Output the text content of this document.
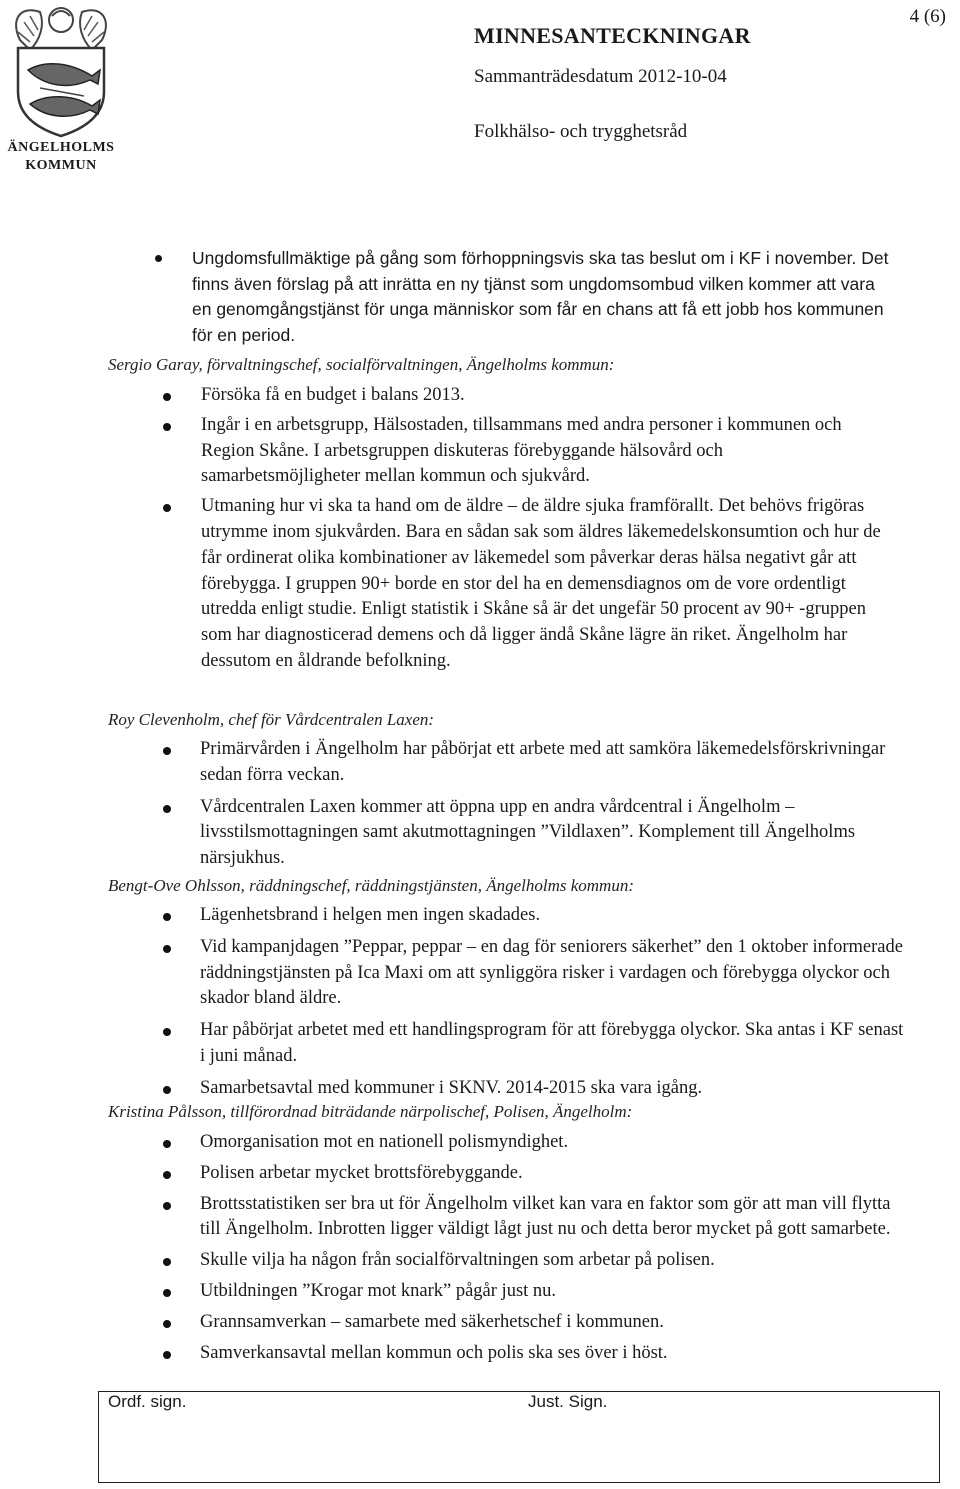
ÄNGELHOLMS
KOMMUN
4 (6)
MINNESANTECKNINGAR
Sammanträdesdatum 2012-10-04
Folkhälso- och trygghetsråd
Ungdomsfullmäktige på gång som förhoppningsvis ska tas beslut om i KF i november. Det finns även förslag på att inrätta en ny tjänst som ungdomsombud vilken kommer att vara en genomgångstjänst för unga människor som får en chans att få ett jobb hos kommunen för en period.
Sergio Garay, förvaltningschef, socialförvaltningen, Ängelholms kommun:
Försöka få en budget i balans 2013.
Ingår i en arbetsgrupp, Hälsostaden, tillsammans med andra personer i kommunen och Region Skåne. I arbetsgruppen diskuteras förebyggande hälsovård och samarbetsmöjligheter mellan kommun och sjukvård.
Utmaning hur vi ska ta hand om de äldre – de äldre sjuka framförallt. Det behövs frigöras utrymme inom sjukvården. Bara en sådan sak som äldres läkemedelskonsumtion och hur de får ordinerat olika kombinationer av läkemedel som påverkar deras hälsa negativt går att förebygga. I gruppen 90+ borde en stor del ha en demensdiagnos om de vore ordentligt utredda enligt studie. Enligt statistik i Skåne så är det ungefär 50 procent av 90+ -gruppen som har diagnosticerad demens och då ligger ändå Skåne lägre än riket. Ängelholm har dessutom en åldrande befolkning.
Roy Clevenholm, chef för Vårdcentralen Laxen:
Primärvården i Ängelholm har påbörjat ett arbete med att samköra läkemedelsförskrivningar sedan förra veckan.
Vårdcentralen Laxen kommer att öppna upp en andra vårdcentral i Ängelholm – livsstilsmottagningen samt akutmottagningen ”Vildlaxen”. Komplement till Ängelholms närsjukhus.
Bengt-Ove Ohlsson, räddningschef, räddningstjänsten, Ängelholms kommun:
Lägenhetsbrand i helgen men ingen skadades.
Vid kampanjdagen ”Peppar, peppar – en dag för seniorers säkerhet” den 1 oktober informerade räddningstjänsten på Ica Maxi om att synliggöra risker i vardagen och förebygga olyckor och skador bland äldre.
Har påbörjat arbetet med ett handlingsprogram för att förebygga olyckor. Ska antas i KF senast i juni månad.
Samarbetsavtal med kommuner i SKNV. 2014-2015 ska vara igång.
Kristina Pålsson, tillförordnad biträdande närpolischef, Polisen, Ängelholm:
Omorganisation mot en nationell polismyndighet.
Polisen arbetar mycket brottsförebyggande.
Brottsstatistiken ser bra ut för Ängelholm vilket kan vara en faktor som gör att man vill flytta till Ängelholm. Inbrotten ligger väldigt lågt just nu och detta beror mycket på gott samarbete.
Skulle vilja ha någon från socialförvaltningen som arbetar på polisen.
Utbildningen ”Krogar mot knark” pågår just nu.
Grannsamverkan – samarbete med säkerhetschef i kommunen.
Samverkansavtal mellan kommun och polis ska ses över i höst.
Ordf. sign.	Just. Sign.
